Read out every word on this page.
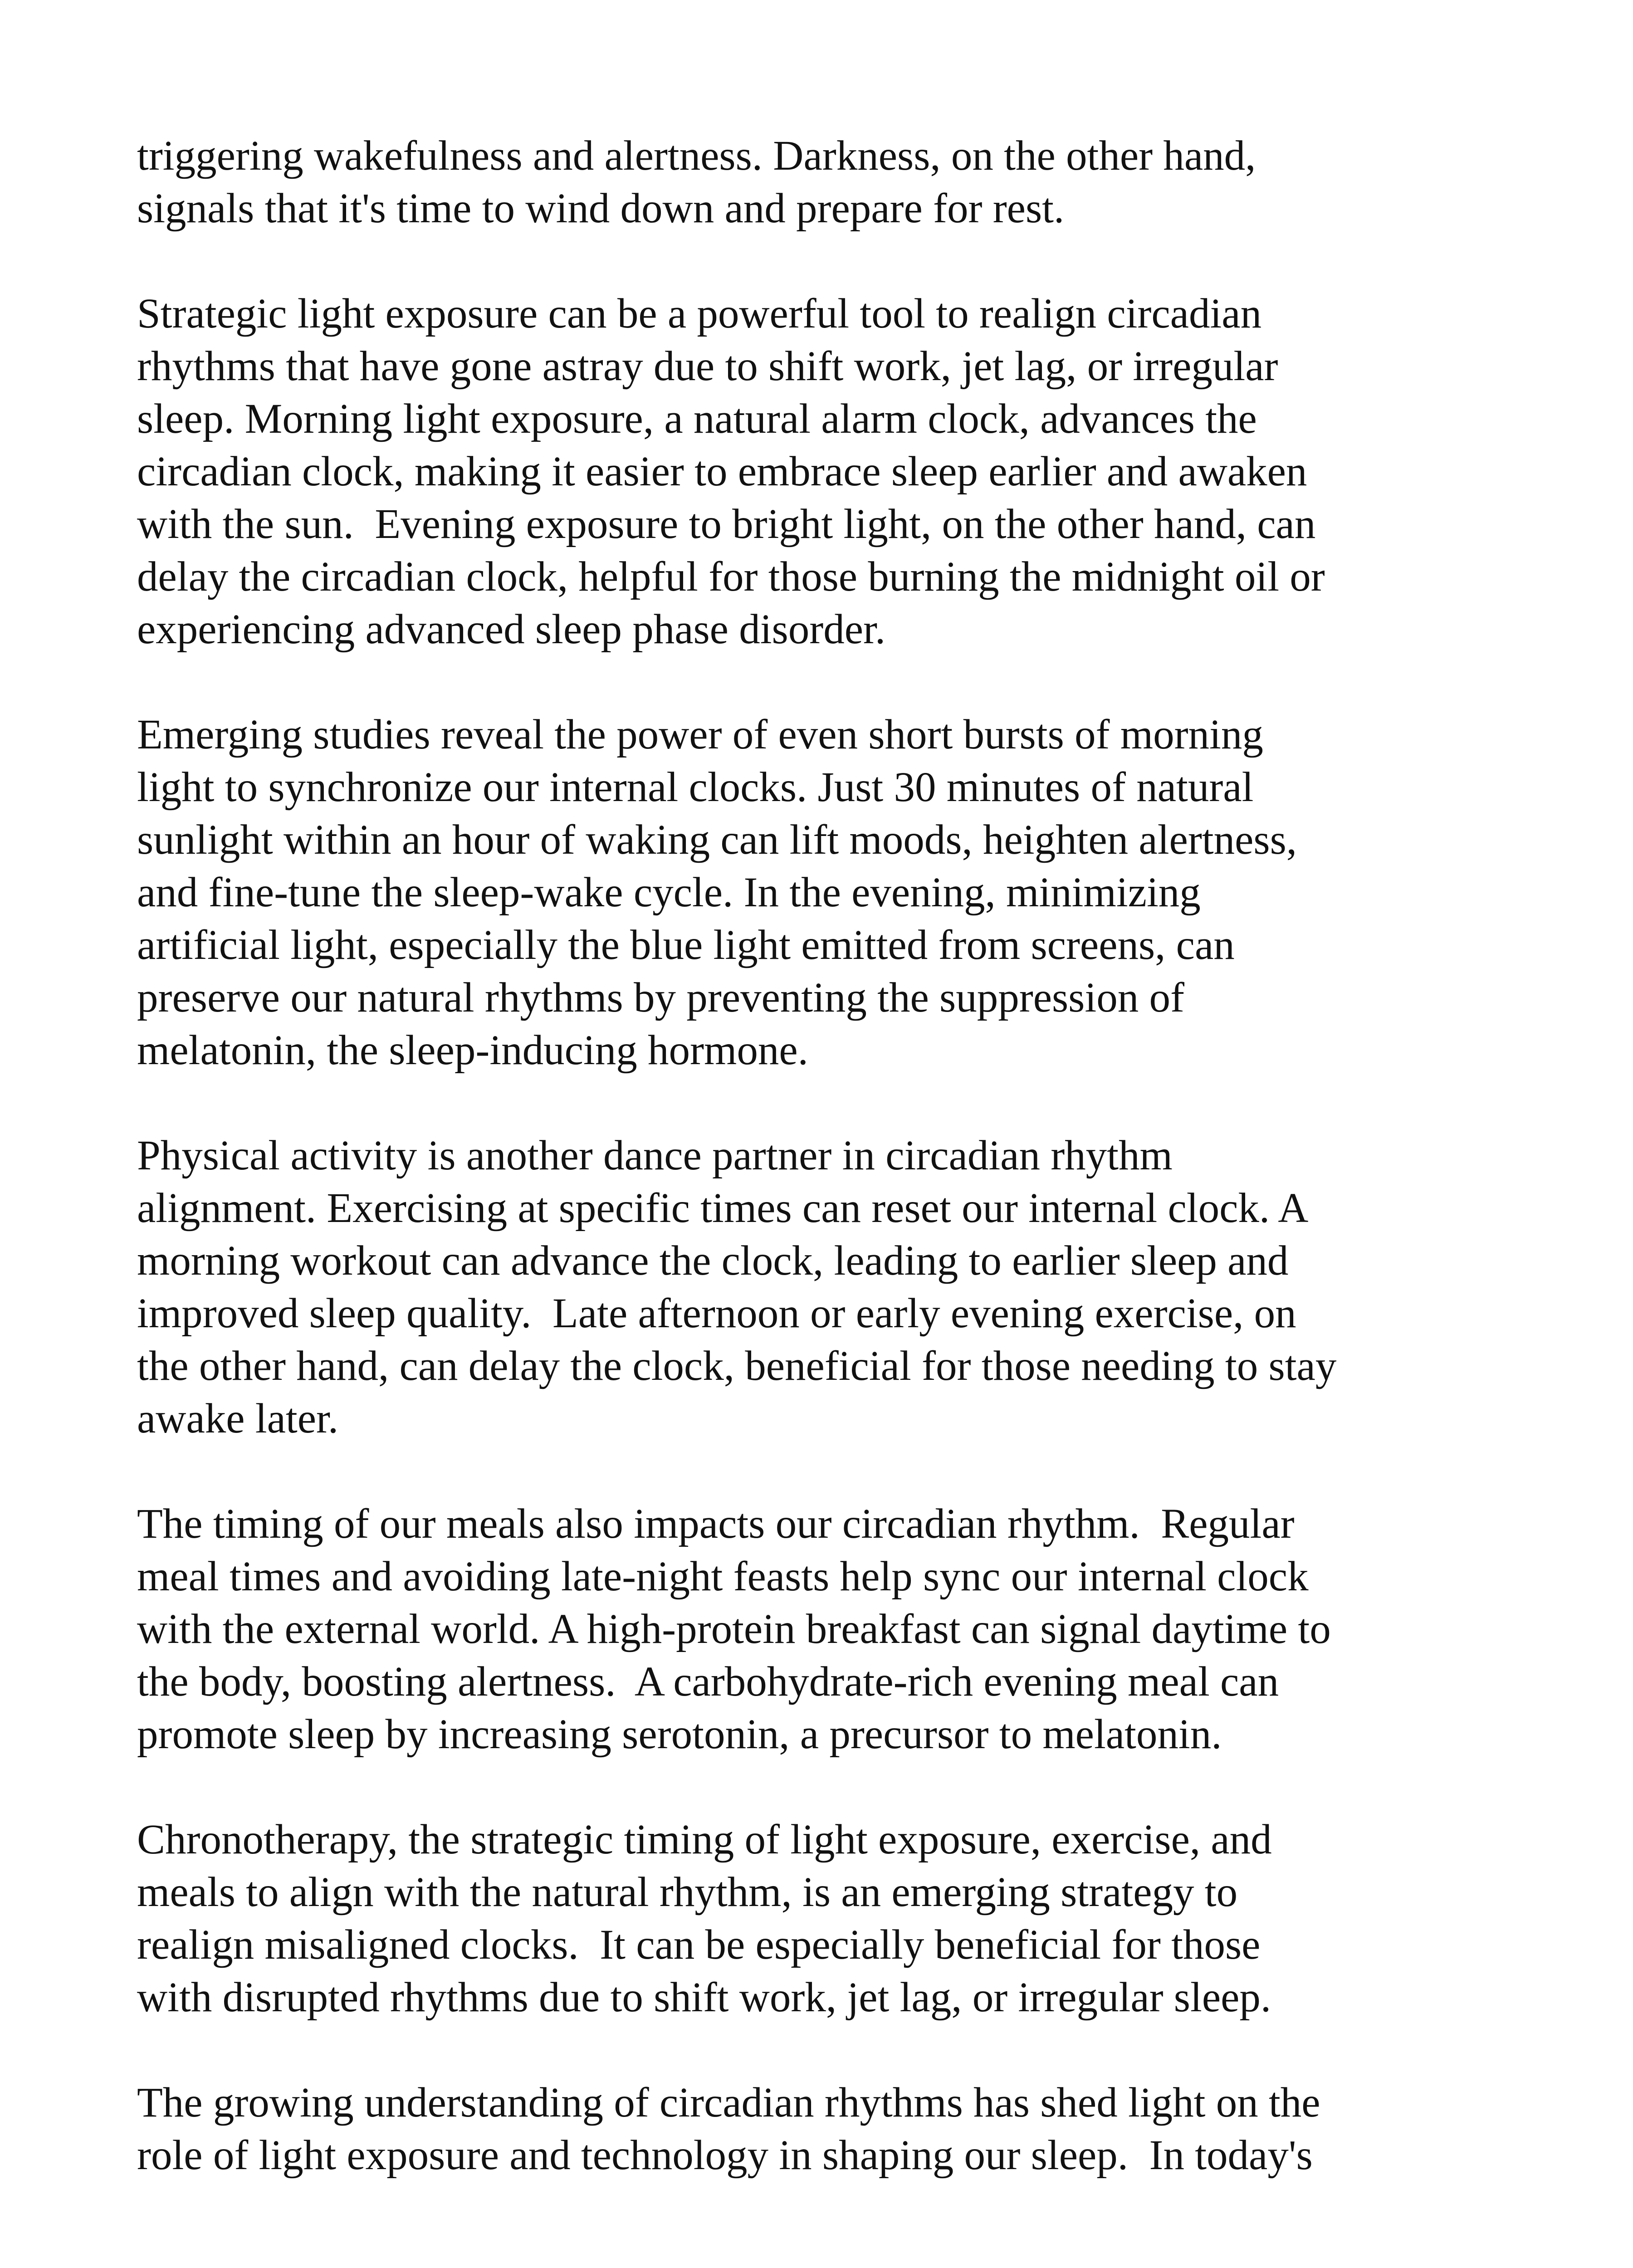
triggering wakefulness and alertness. Darkness, on the other hand,
signals that it's time to wind down and prepare for rest.

Strategic light exposure can be a powerful tool to realign circadian
rhythms that have gone astray due to shift work, jet lag, or irregular
sleep. Morning light exposure, a natural alarm clock, advances the
circadian clock, making it easier to embrace sleep earlier and awaken
with the sun.  Evening exposure to bright light, on the other hand, can
delay the circadian clock, helpful for those burning the midnight oil or
experiencing advanced sleep phase disorder.

Emerging studies reveal the power of even short bursts of morning
light to synchronize our internal clocks. Just 30 minutes of natural
sunlight within an hour of waking can lift moods, heighten alertness,
and fine-tune the sleep-wake cycle. In the evening, minimizing
artificial light, especially the blue light emitted from screens, can
preserve our natural rhythms by preventing the suppression of
melatonin, the sleep-inducing hormone.

Physical activity is another dance partner in circadian rhythm
alignment. Exercising at specific times can reset our internal clock. A
morning workout can advance the clock, leading to earlier sleep and
improved sleep quality.  Late afternoon or early evening exercise, on
the other hand, can delay the clock, beneficial for those needing to stay
awake later.

The timing of our meals also impacts our circadian rhythm.  Regular
meal times and avoiding late-night feasts help sync our internal clock
with the external world. A high-protein breakfast can signal daytime to
the body, boosting alertness.  A carbohydrate-rich evening meal can
promote sleep by increasing serotonin, a precursor to melatonin.

Chronotherapy, the strategic timing of light exposure, exercise, and
meals to align with the natural rhythm, is an emerging strategy to
realign misaligned clocks.  It can be especially beneficial for those
with disrupted rhythms due to shift work, jet lag, or irregular sleep.

The growing understanding of circadian rhythms has shed light on the
role of light exposure and technology in shaping our sleep.  In today's
